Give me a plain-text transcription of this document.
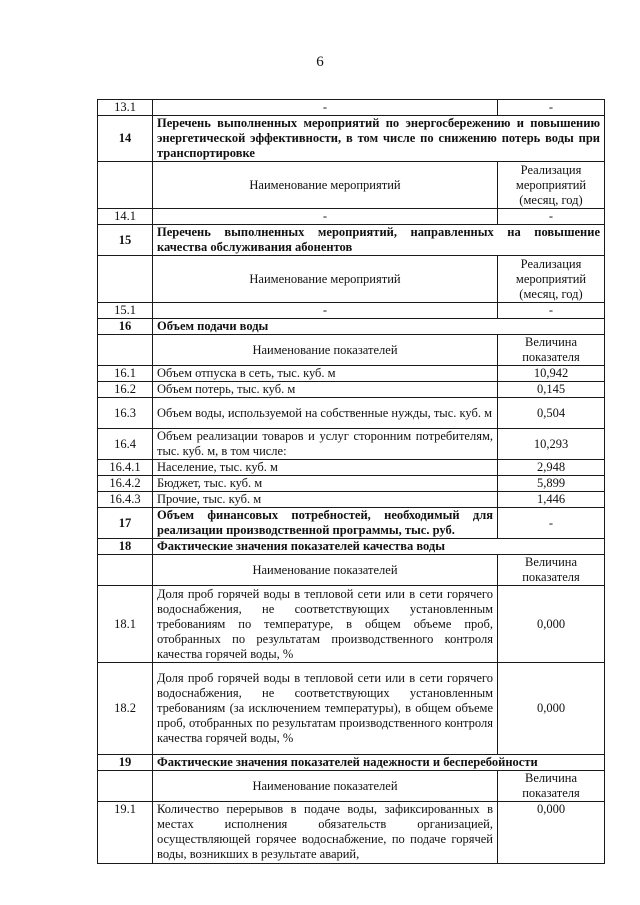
6
13.1	-	-
14	Перечень выполненных мероприятий по энергосбережению и повышению энергетической эффективности, в том числе по снижению потерь воды при транспортировке	
	Наименование мероприятий	Реализация мероприятий (месяц, год)
14.1	-	-
15	Перечень выполненных мероприятий, направленных на повышение качества обслуживания абонентов	
	Наименование мероприятий	Реализация мероприятий (месяц, год)
15.1	-	-
16	Объем подачи воды	
	Наименование показателей	Величина показателя
16.1	Объем отпуска в сеть, тыс. куб. м	10,942
16.2	Объем потерь, тыс. куб. м	0,145
16.3	Объем воды, используемой на собственные нужды, тыс. куб. м	0,504
16.4	Объем реализации товаров и услуг сторонним потребителям, тыс. куб. м, в том числе:	10,293
16.4.1	Население, тыс. куб. м	2,948
16.4.2	Бюджет, тыс. куб. м	5,899
16.4.3	Прочие, тыс. куб. м	1,446
17	Объем финансовых потребностей, необходимый для реализации производственной программы, тыс. руб.	-
18	Фактические значения показателей качества воды	
	Наименование показателей	Величина показателя
18.1	Доля проб горячей воды в тепловой сети или в сети горячего водоснабжения, не соответствующих установленным требованиям по температуре, в общем объеме проб, отобранных по результатам производственного контроля качества горячей воды, %	0,000
18.2	Доля проб горячей воды в тепловой сети или в сети горячего водоснабжения, не соответствующих установленным требованиям (за исключением температуры), в общем объеме проб, отобранных по результатам производственного контроля качества горячей воды, %	0,000
19	Фактические значения показателей надежности и бесперебойности	
	Наименование показателей	Величина показателя
19.1	Количество перерывов в подаче воды, зафиксированных в местах исполнения обязательств организацией, осуществляющей горячее водоснабжение, по подаче горячей воды, возникших в результате аварий,	0,000
